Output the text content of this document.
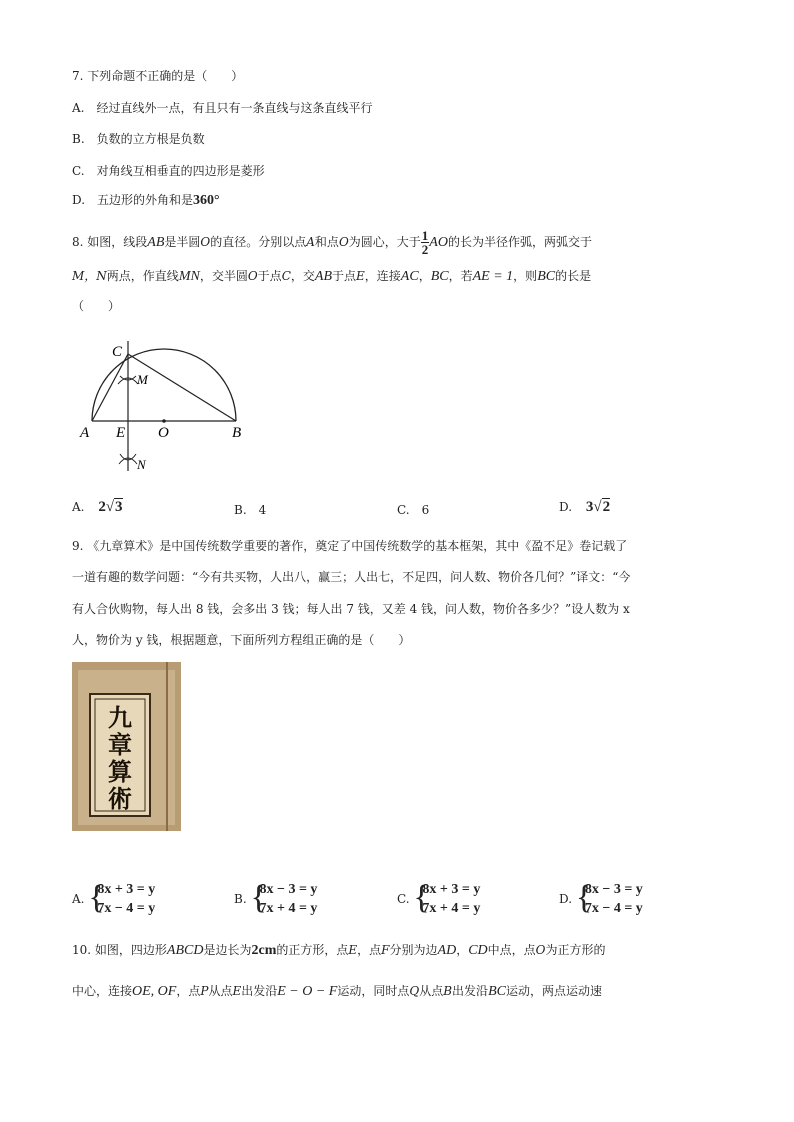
7. 下列命题不正确的是（　　）
A.　经过直线外一点，有且只有一条直线与这条直线平行
B.　负数的立方根是负数
C.　对角线互相垂直的四边形是菱形
D.　五边形的外角和是360°
8. 如图，线段AB是半圆O的直径。分别以点A和点O为圆心，大于 $\frac{1}{2}$ AO的长为半径作弧，两弧交于
M，N两点，作直线MN，交半圆O于点C，交AB于点E，连接AC，BC，若AE = 1，则BC的长是
（　　）
C
M
A E O	B
N
A. 2√3	B.　4	C.　6	D. 3√2
9. 《九章算术》是中国传统数学重要的著作，奠定了中国传统数学的基本框架，其中《盈不足》卷记载了
一道有趣的数学问题：“今有共买物，人出八，赢三；人出七，不足四，问人数、物价各几何？”译文：“今
有人合伙购物，每人出 8 钱，会多出 3 钱；每人出 7 钱，又差 4 钱，问人数，物价各多少？”设人数为 x
人，物价为 y 钱，根据题意，下面所列方程组正确的是（　　）
九
章
算
術
A. {
8x + 3 = y
7x − 4 = y
B. {
8x − 3 = y
7x + 4 = y
C. {
8x + 3 = y
7x + 4 = y
D. {
8x − 3 = y
7x − 4 = y
10. 如图，四边形ABCD是边长为2cm的正方形，点E，点F分别为边AD，CD中点，点O为正方形的
中心，连接OE, OF，点P从点E出发沿E − O − F运动，同时点Q从点B出发沿BC运动，两点运动速
